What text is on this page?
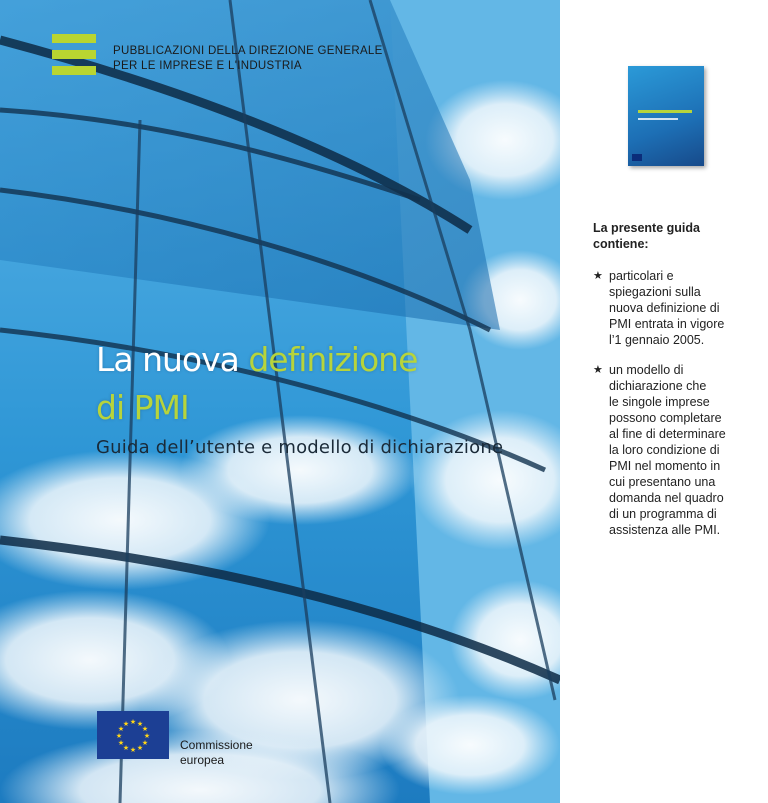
PUBBLICAZIONI DELLA DIREZIONE GENERALE
PER LE IMPRESE E L'INDUSTRIA
La nuova definizione
di PMI
Guida dell’utente e modello di dichiarazione
★ ★
★
★
★
★
★
★
★
★
★
★
Commissione
europea
La presente guida
contiene:
★ particolari e
spiegazioni sulla
nuova definizione di
PMI entrata in vigore
l’1 gennaio 2005.
★ un modello di
dichiarazione che
le singole imprese
possono completare
al fine di determinare
la loro condizione di
PMI nel momento in
cui presentano una
domanda nel quadro
di un programma di
assistenza alle PMI.
